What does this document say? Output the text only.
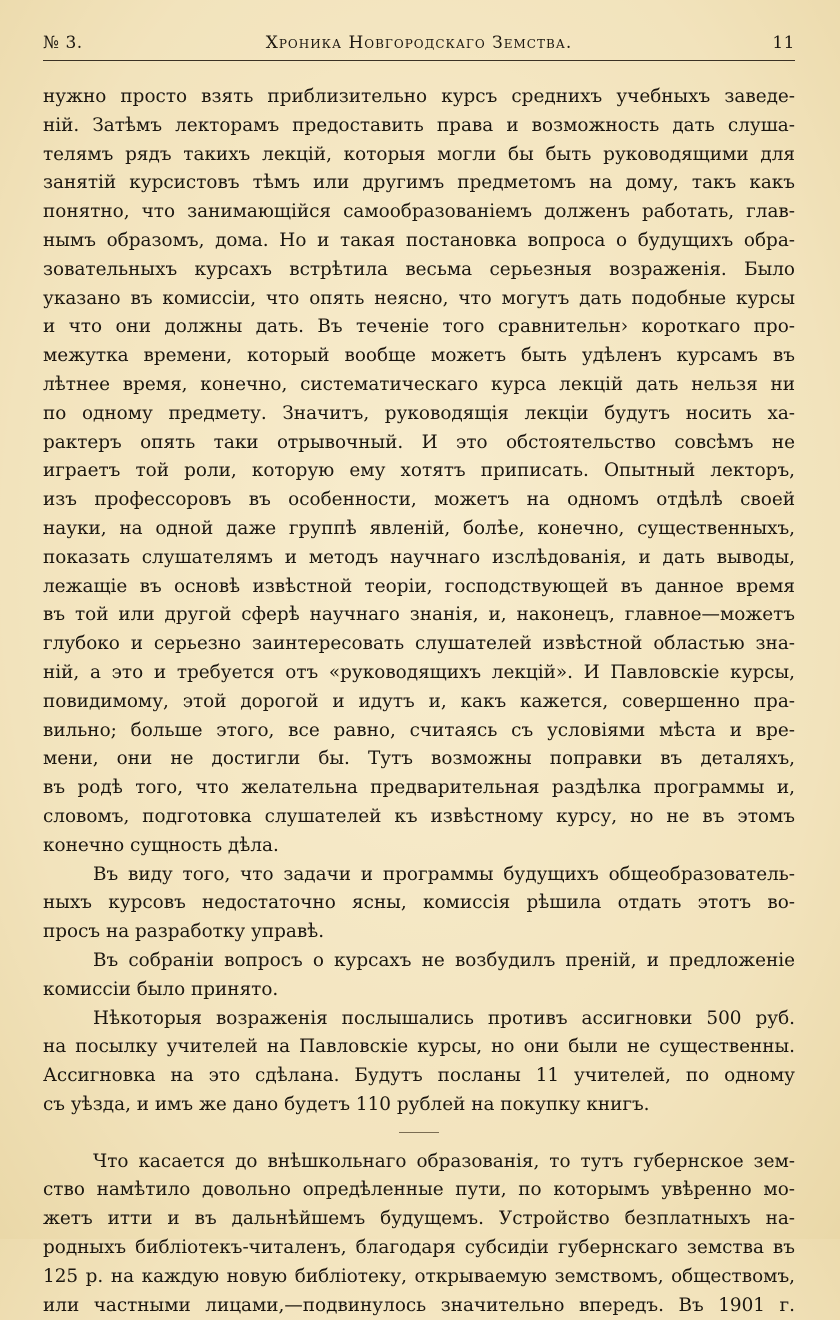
№ 3.	Хроника Новгородскаго Земства.	11
нужно просто взять приблизительно курсъ среднихъ учебныхъ заведе-
ній. Затѣмъ лекторамъ предоставить права и возможность дать слуша-
телямъ рядъ такихъ лекцій, которыя могли бы быть руководящими для
занятій курсистовъ тѣмъ или другимъ предметомъ на дому, такъ какъ
понятно, что занимающійся самообразованіемъ долженъ работать, глав-
нымъ образомъ, дома. Но и такая постановка вопроса о будущихъ обра-
зовательныхъ курсахъ встрѣтила весьма серьезныя возраженія. Было
указано въ комиссіи, что опять неясно, что могутъ дать подобные курсы
и что они должны дать. Въ теченіе того сравнительн› короткаго про-
межутка времени, который вообще можетъ быть удѣленъ курсамъ въ
лѣтнее время, конечно, систематическаго курса лекцій дать нельзя ни
по одному предмету. Значитъ, руководящія лекціи будутъ носить ха-
рактеръ опять таки отрывочный. И это обстоятельство совсѣмъ не
играетъ той роли, которую ему хотятъ приписать. Опытный лекторъ,
изъ профессоровъ въ особенности, можетъ на одномъ отдѣлѣ своей
науки, на одной даже группѣ явленій, болѣе, конечно, существенныхъ,
показать слушателямъ и методъ научнаго изслѣдованія, и дать выводы,
лежащіе въ основѣ извѣстной теоріи, господствующей въ данное время
въ той или другой сферѣ научнаго знанія, и, наконецъ, главное—можетъ
глубоко и серьезно заинтересовать слушателей извѣстной областью зна-
ній, а это и требуется отъ «руководящихъ лекцій». И Павловскіе курсы,
повидимому, этой дорогой и идутъ и, какъ кажется, совершенно пра-
вильно; больше этого, все равно, считаясь съ условіями мѣста и вре-
мени, они не достигли бы. Тутъ возможны поправки въ деталяхъ,
въ родѣ того, что желательна предварительная раздѣлка программы и,
словомъ, подготовка слушателей къ извѣстному курсу, но не въ этомъ
конечно сущность дѣла.
Въ виду того, что задачи и программы будущихъ общеобразователь-
ныхъ курсовъ недостаточно ясны, комиссія рѣшила отдать этотъ во-
просъ на разработку управѣ.
Въ собраніи вопросъ о курсахъ не возбудилъ преній, и предложеніе
комиссіи было принято.
Нѣкоторыя возраженія послышались противъ ассигновки 500 руб.
на посылку учителей на Павловскіе курсы, но они были не существенны.
Ассигновка на это сдѣлана. Будутъ посланы 11 учителей, по одному
съ уѣзда, и имъ же дано будетъ 110 рублей на покупку книгъ.
Что касается до внѣшкольнаго образованія, то тутъ губернское зем-
ство намѣтило довольно опредѣленные пути, по которымъ увѣренно мо-
жетъ итти и въ дальнѣйшемъ будущемъ. Устройство безплатныхъ на-
родныхъ библіотекъ-читаленъ, благодаря субсидіи губернскаго земства въ
125 р. на каждую новую библіотеку, открываемую земствомъ, обществомъ,
или частными лицами,—подвинулось значительно впередъ. Въ 1901 г.
